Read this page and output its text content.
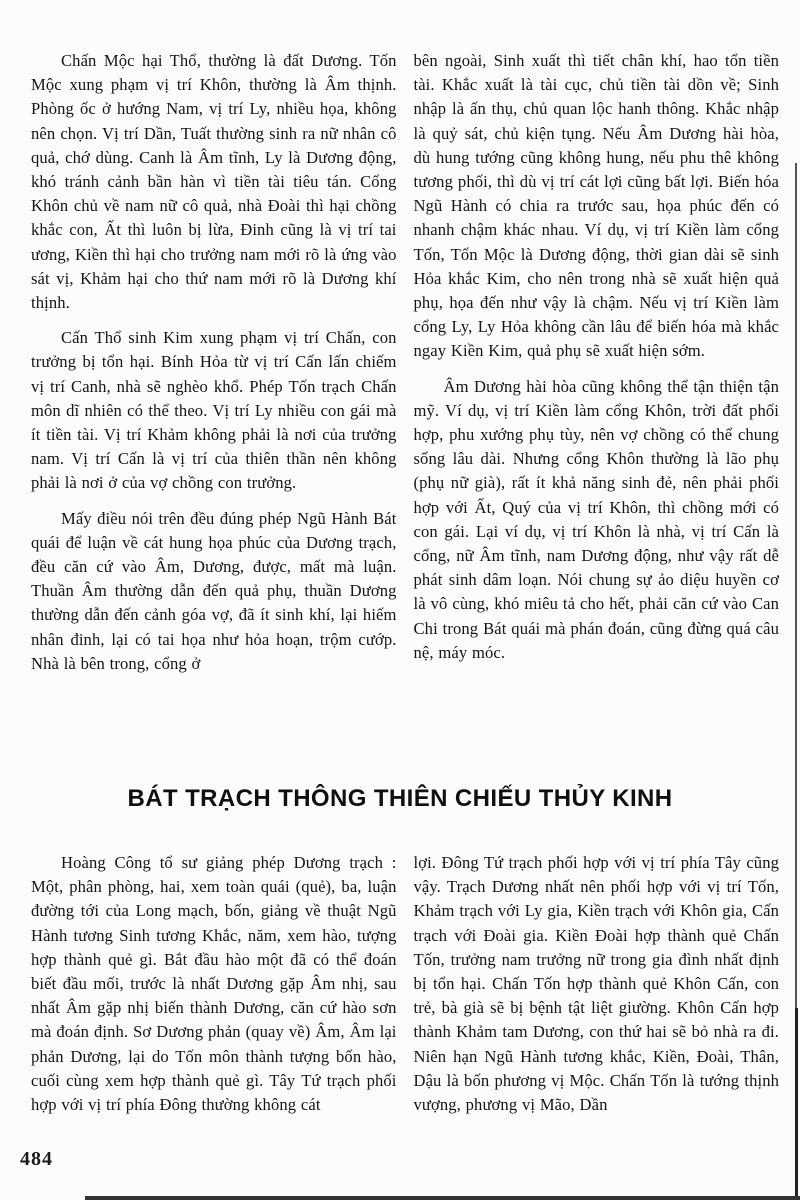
Chấn Mộc hại Thổ, thường là đất Dương. Tốn Mộc xung phạm vị trí Khôn, thường là Âm thịnh. Phòng ốc ở hướng Nam, vị trí Ly, nhiều họa, không nên chọn. Vị trí Dần, Tuất thường sinh ra nữ nhân cô quả, chớ dùng. Canh là Âm tĩnh, Ly là Dương động, khó tránh cảnh bần hàn vì tiền tài tiêu tán. Cổng Khôn chủ về nam nữ cô quả, nhà Đoài thì hại chồng khắc con, Ất thì luôn bị lừa, Đinh cũng là vị trí tai ương, Kiền thì hại cho trưởng nam mới rõ là ứng vào sát vị, Khảm hại cho thứ nam mới rõ là Dương khí thịnh.

Cấn Thổ sinh Kim xung phạm vị trí Chấn, con trưởng bị tổn hại. Bính Hỏa từ vị trí Cấn lấn chiếm vị trí Canh, nhà sẽ nghèo khổ. Phép Tốn trạch Chấn môn dĩ nhiên có thể theo. Vị trí Ly nhiều con gái mà ít tiền tài. Vị trí Khảm không phải là nơi của trưởng nam. Vị trí Cấn là vị trí của thiên thần nên không phải là nơi ở của vợ chồng con trưởng.

Mấy điều nói trên đều đúng phép Ngũ Hành Bát quái để luận về cát hung họa phúc của Dương trạch, đều căn cứ vào Âm, Dương, được, mất mà luận. Thuần Âm thường dẫn đến quả phụ, thuần Dương thường dẫn đến cảnh góa vợ, đã ít sinh khí, lại hiếm nhân đinh, lại có tai họa như hỏa hoạn, trộm cướp. Nhà là bên trong, cổng ở

bên ngoài, Sinh xuất thì tiết chân khí, hao tổn tiền tài. Khắc xuất là tài cục, chủ tiền tài dồn về; Sinh nhập là ấn thụ, chủ quan lộc hanh thông. Khắc nhập là quỷ sát, chủ kiện tụng. Nếu Âm Dương hài hòa, dù hung tướng cũng không hung, nếu phu thê không tương phối, thì dù vị trí cát lợi cũng bất lợi. Biến hóa Ngũ Hành có chia ra trước sau, họa phúc đến có nhanh chậm khác nhau. Ví dụ, vị trí Kiền làm cổng Tốn, Tốn Mộc là Dương động, thời gian dài sẽ sinh Hỏa khắc Kim, cho nên trong nhà sẽ xuất hiện quả phụ, họa đến như vậy là chậm. Nếu vị trí Kiền làm cổng Ly, Ly Hỏa không cần lâu để biến hóa mà khắc ngay Kiền Kim, quả phụ sẽ xuất hiện sớm.

Âm Dương hài hòa cũng không thể tận thiện tận mỹ. Ví dụ, vị trí Kiền làm cổng Khôn, trời đất phối hợp, phu xướng phụ tùy, nên vợ chồng có thể chung sống lâu dài. Nhưng cổng Khôn thường là lão phụ (phụ nữ già), rất ít khả năng sinh đẻ, nên phải phối hợp với Ất, Quý của vị trí Khôn, thì chồng mới có con gái. Lại ví dụ, vị trí Khôn là nhà, vị trí Cấn là cổng, nữ Âm tĩnh, nam Dương động, như vậy rất dễ phát sinh dâm loạn. Nói chung sự ảo diệu huyền cơ là vô cùng, khó miêu tả cho hết, phải căn cứ vào Can Chi trong Bát quái mà phán đoán, cũng đừng quá câu nệ, máy móc.

BÁT TRẠCH THÔNG THIÊN CHIẾU THỦY KINH

Hoàng Công tổ sư giảng phép Dương trạch : Một, phân phòng, hai, xem toàn quái (quẻ), ba, luận đường tới của Long mạch, bốn, giảng về thuật Ngũ Hành tương Sinh tương Khắc, năm, xem hào, tượng hợp thành quẻ gì. Bắt đầu hào một đã có thể đoán biết đầu mối, trước là nhất Dương gặp Âm nhị, sau nhất Âm gặp nhị biến thành Dương, căn cứ hào sơn mà đoán định. Sơ Dương phản (quay về) Âm, Âm lại phản Dương, lại do Tốn môn thành tượng bốn hào, cuối cùng xem hợp thành quẻ gì. Tây Tứ trạch phối hợp với vị trí phía Đông thường không cát

lợi. Đông Tứ trạch phối hợp với vị trí phía Tây cũng vậy. Trạch Dương nhất nên phối hợp với vị trí Tốn, Khảm trạch với Ly gia, Kiền trạch với Khôn gia, Cấn trạch với Đoài gia. Kiền Đoài hợp thành quẻ Chấn Tốn, trưởng nam trưởng nữ trong gia đình nhất định bị tổn hại. Chấn Tốn hợp thành quẻ Khôn Cấn, con trẻ, bà già sẽ bị bệnh tật liệt giường. Khôn Cấn hợp thành Khảm tam Dương, con thứ hai sẽ bỏ nhà ra đi. Niên hạn Ngũ Hành tương khắc, Kiền, Đoài, Thân, Dậu là bốn phương vị Mộc. Chấn Tốn là tướng thịnh vượng, phương vị Mão, Dần

484
